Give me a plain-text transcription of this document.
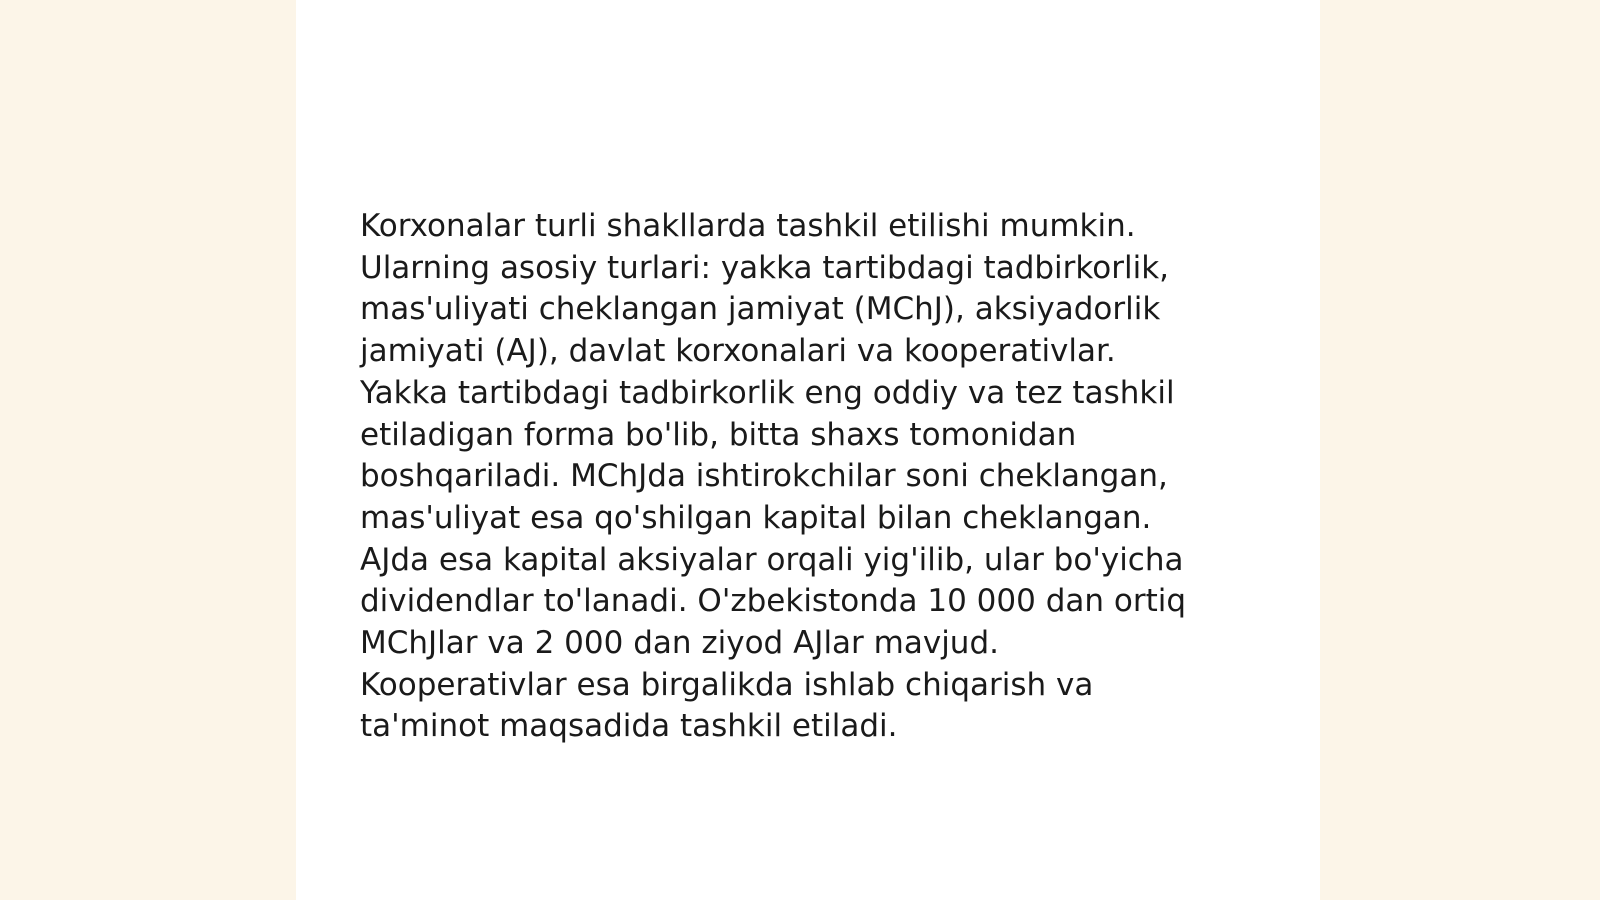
Korxonalar turli shakllarda tashkil etilishi mumkin.
Ularning asosiy turlari: yakka tartibdagi tadbirkorlik,
mas'uliyati cheklangan jamiyat (MChJ), aksiyadorlik
jamiyati (AJ), davlat korxonalari va kooperativlar.
Yakka tartibdagi tadbirkorlik eng oddiy va tez tashkil
etiladigan forma bo'lib, bitta shaxs tomonidan
boshqariladi. MChJda ishtirokchilar soni cheklangan,
mas'uliyat esa qo'shilgan kapital bilan cheklangan.
AJda esa kapital aksiyalar orqali yig'ilib, ular bo'yicha
dividendlar to'lanadi. O'zbekistonda 10 000 dan ortiq
MChJlar va 2 000 dan ziyod AJlar mavjud.
Kooperativlar esa birgalikda ishlab chiqarish va
ta'minot maqsadida tashkil etiladi.
